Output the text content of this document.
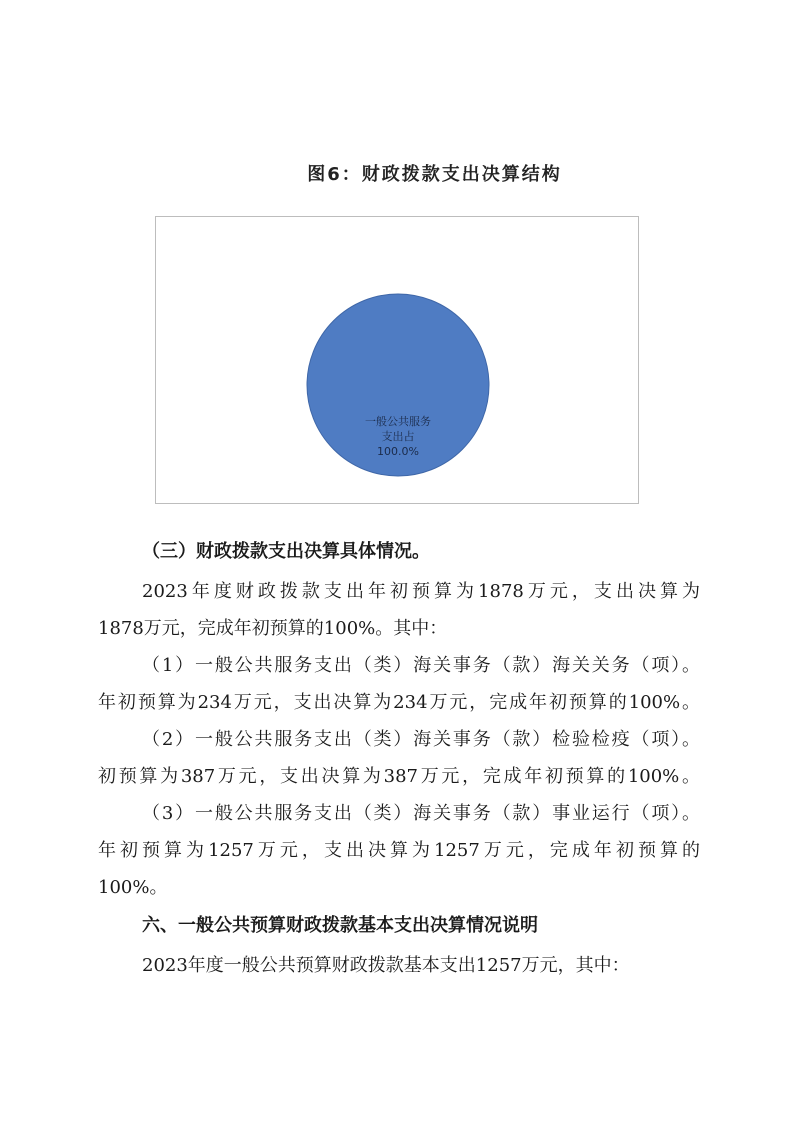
图6：财政拨款支出决算结构
一般公共服务
支出占
100.0%
（三）财政拨款支出决算具体情况。
2023年度财政拨款支出年初预算为1878万元，支出决算为
1878万元，完成年初预算的100%。其中：
（1）一般公共服务支出（类）海关事务（款）海关关务（项）。
年初预算为234万元，支出决算为234万元，完成年初预算的100%。
（2）一般公共服务支出（类）海关事务（款）检验检疫（项）。
初预算为387万元，支出决算为387万元，完成年初预算的100%。
（3）一般公共服务支出（类）海关事务（款）事业运行（项）。
年初预算为1257万元，支出决算为1257万元，完成年初预算的
100%。
六、一般公共预算财政拨款基本支出决算情况说明
2023年度一般公共预算财政拨款基本支出1257万元，其中：
